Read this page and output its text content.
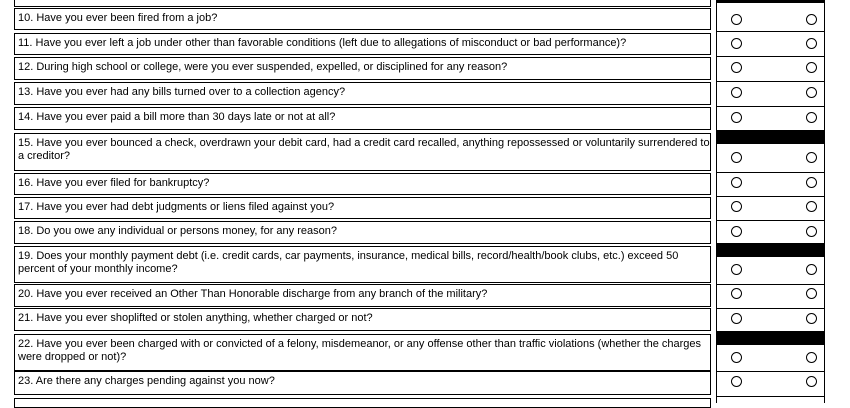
10. Have you ever been fired from a job?
11. Have you ever left a job under other than favorable conditions (left due to allegations of misconduct or bad performance)?
12. During high school or college, were you ever suspended, expelled, or disciplined for any reason?
13. Have you ever had any bills turned over to a collection agency?
14. Have you ever paid a bill more than 30 days late or not at all?
15. Have you ever bounced a check, overdrawn your debit card, had a credit card recalled, anything repossessed or voluntarily surrendered to a creditor?
16. Have you ever filed for bankruptcy?
17. Have you ever had debt judgments or liens filed against you?
18. Do you owe any individual or persons money, for any reason?
19. Does your monthly payment debt (i.e. credit cards, car payments, insurance, medical bills, record/health/book clubs, etc.) exceed 50 percent of your monthly income?
20. Have you ever received an Other Than Honorable discharge from any branch of the military?
21. Have you ever shoplifted or stolen anything, whether charged or not?
22. Have you ever been charged with or convicted of a felony, misdemeanor, or any offense other than traffic violations (whether the charges were dropped or not)?
23. Are there any charges pending against you now?
